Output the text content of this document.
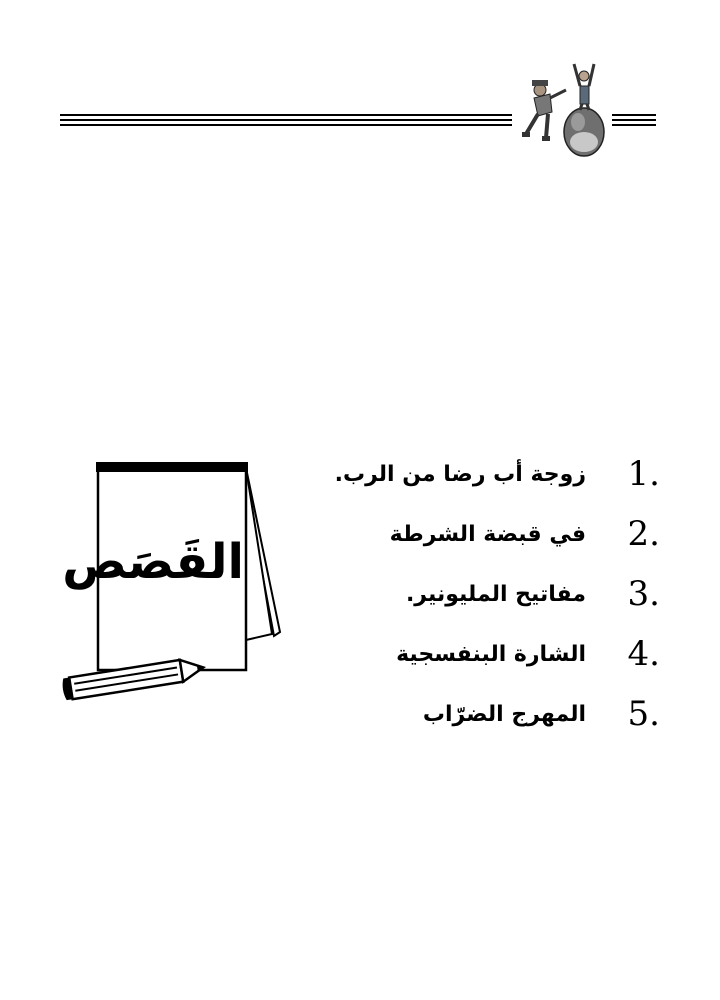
القَصَص
زوجة أب رضا من الرب.	1.
في قبضة الشرطة	2.
مفاتيح المليونير.	3.
الشارة البنفسجية	4.
المهرج الضرّاب	5.
